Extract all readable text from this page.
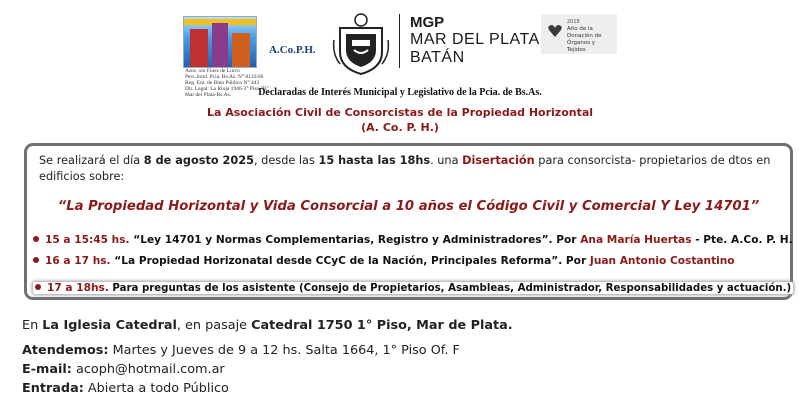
A.Co.P.H.
Asoc. sin Fines de Lucro
Pers.Jurid. Pcia. Bs.As. N° 8132/06
Reg. Ent. de Bien Público N° 443
Dir. Legal: La Rioja 1946-3° Piso "B"
Mar del Plata-Bs.As.
MGP
MAR DEL PLATA
BATÁN
2018
Año de la Donación de Órganos y Tejidos
Declaradas de Interés Municipal y Legislativo de la Pcia. de Bs.As.
La Asociación Civil de Consorcistas de la Propiedad Horizontal
(A. Co. P. H.)
Se realizará el día 8 de agosto 2025, desde las 15 hasta las 18hs. una Disertación para consorcista- propietarios de dtos en edificios sobre:
“La Propiedad Horizontal y Vida Consorcial a 10 años el Código Civil y Comercial Y Ley 14701”
15 a 15:45 hs. “Ley 14701 y Normas Complementarias, Registro y Administradores”. Por Ana María Huertas - Pte. A.Co. P. H.
16 a 17 hs. “La Propiedad Horizonatal desde CCyC de la Nación, Principales Reforma”. Por Juan Antonio Costantino
17 a 18hs. Para preguntas de los asistente (Consejo de Propietarios, Asambleas, Administrador, Responsabilidades y actuación.)
En La Iglesia Catedral, en pasaje Catedral 1750 1° Piso, Mar de Plata.
Atendemos: Martes y Jueves de 9 a 12 hs. Salta 1664, 1° Piso Of. F
E-mail: acoph@hotmail.com.ar
Entrada: Abierta a todo Público
